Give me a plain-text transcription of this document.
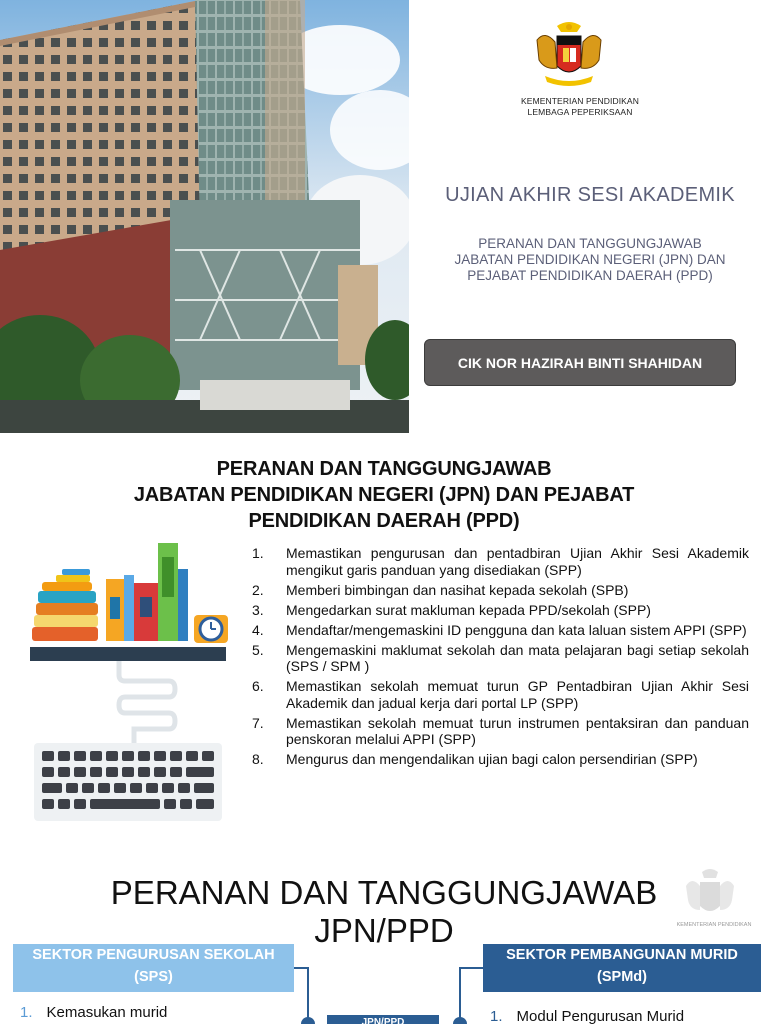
KEMENTERIAN PENDIDIKAN
LEMBAGA PEPERIKSAAN
UJIAN AKHIR SESI AKADEMIK
PERANAN DAN TANGGUNGJAWAB
JABATAN PENDIDIKAN NEGERI (JPN) DAN
PEJABAT PENDIDIKAN DAERAH (PPD)
CIK NOR HAZIRAH BINTI SHAHIDAN
PERANAN DAN TANGGUNGJAWAB
JABATAN PENDIDIKAN NEGERI (JPN) DAN PEJABAT
PENDIDIKAN DAERAH (PPD)
1.	Memastikan pengurusan dan pentadbiran Ujian Akhir Sesi Akademik mengikut garis panduan yang disediakan (SPP)
2.	Memberi bimbingan dan nasihat kepada sekolah (SPB)
3.	Mengedarkan surat makluman kepada PPD/sekolah (SPP)
4.	Mendaftar/mengemaskini ID pengguna dan kata laluan sistem APPI (SPP)
5.	Mengemaskini maklumat sekolah dan mata pelajaran bagi setiap sekolah (SPS / SPM )
6.	Memastikan sekolah memuat turun GP Pentadbiran Ujian Akhir Sesi Akademik dan jadual kerja dari portal LP (SPP)
7.	Memastikan sekolah memuat turun instrumen pentaksiran dan panduan penskoran melalui APPI (SPP)
8.	Mengurus dan mengendalikan ujian bagi calon persendirian (SPP)
PERANAN DAN TANGGUNGJAWAB
JPN/PPD	KEMENTERIAN PENDIDIKAN
SEKTOR PENGURUSAN SEKOLAH
(SPS)
SEKTOR PEMBANGUNAN MURID
(SPMd)
1. Kemasukan murid
JPN/PPD	1. Modul Pengurusan Murid
